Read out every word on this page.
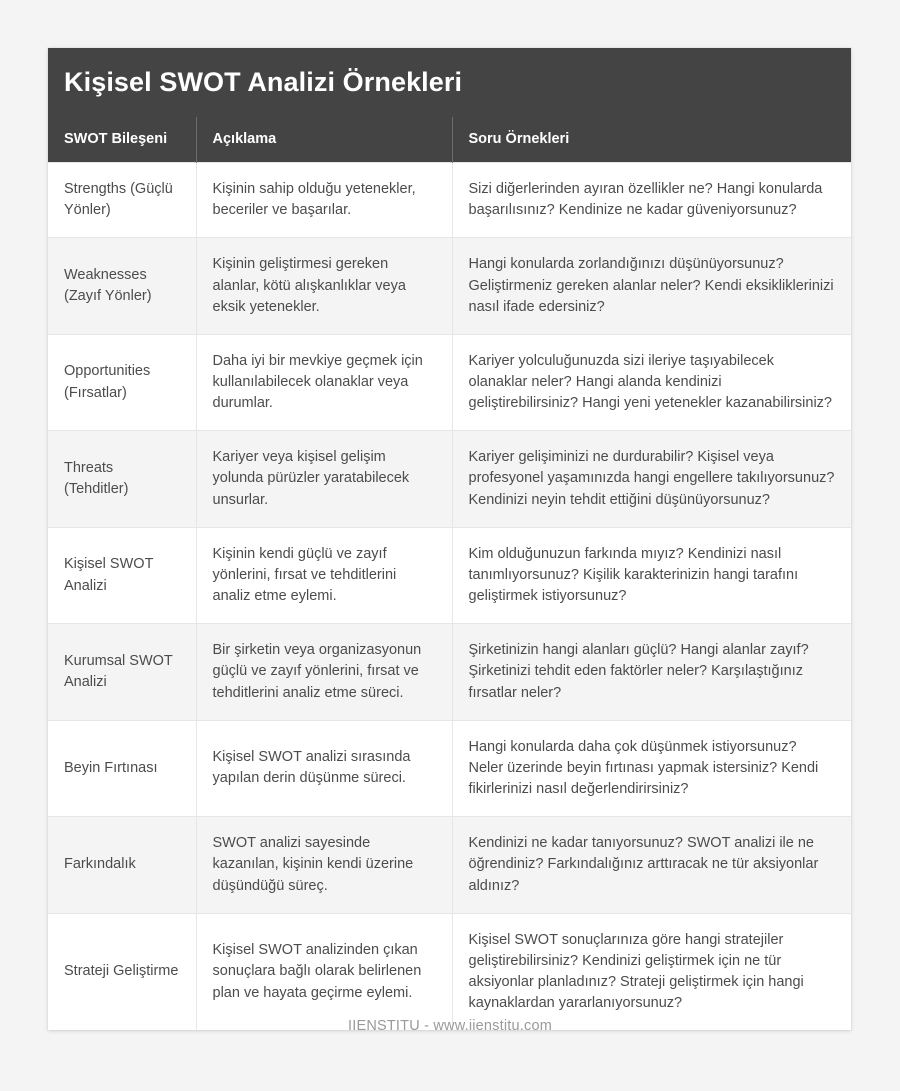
Kişisel SWOT Analizi Örnekleri
SWOT Bileşeni	Açıklama	Soru Örnekleri
Strengths (Güçlü Yönler)	Kişinin sahip olduğu yetenekler, beceriler ve başarılar.	Sizi diğerlerinden ayıran özellikler ne? Hangi konularda başarılısınız? Kendinize ne kadar güveniyorsunuz?
Weaknesses (Zayıf Yönler)	Kişinin geliştirmesi gereken alanlar, kötü alışkanlıklar veya eksik yetenekler.	Hangi konularda zorlandığınızı düşünüyorsunuz? Geliştirmeniz gereken alanlar neler? Kendi eksikliklerinizi nasıl ifade edersiniz?
Opportunities (Fırsatlar)	Daha iyi bir mevkiye geçmek için kullanılabilecek olanaklar veya durumlar.	Kariyer yolculuğunuzda sizi ileriye taşıyabilecek olanaklar neler? Hangi alanda kendinizi geliştirebilirsiniz? Hangi yeni yetenekler kazanabilirsiniz?
Threats (Tehditler)	Kariyer veya kişisel gelişim yolunda pürüzler yaratabilecek unsurlar.	Kariyer gelişiminizi ne durdurabilir? Kişisel veya profesyonel yaşamınızda hangi engellere takılıyorsunuz? Kendinizi neyin tehdit ettiğini düşünüyorsunuz?
Kişisel SWOT Analizi	Kişinin kendi güçlü ve zayıf yönlerini, fırsat ve tehditlerini analiz etme eylemi.	Kim olduğunuzun farkında mıyız? Kendinizi nasıl tanımlıyorsunuz? Kişilik karakterinizin hangi tarafını geliştirmek istiyorsunuz?
Kurumsal SWOT Analizi	Bir şirketin veya organizasyonun güçlü ve zayıf yönlerini, fırsat ve tehditlerini analiz etme süreci.	Şirketinizin hangi alanları güçlü? Hangi alanlar zayıf? Şirketinizi tehdit eden faktörler neler? Karşılaştığınız fırsatlar neler?
Beyin Fırtınası	Kişisel SWOT analizi sırasında yapılan derin düşünme süreci.	Hangi konularda daha çok düşünmek istiyorsunuz? Neler üzerinde beyin fırtınası yapmak istersiniz? Kendi fikirlerinizi nasıl değerlendirirsiniz?
Farkındalık	SWOT analizi sayesinde kazanılan, kişinin kendi üzerine düşündüğü süreç.	Kendinizi ne kadar tanıyorsunuz? SWOT analizi ile ne öğrendiniz? Farkındalığınız arttıracak ne tür aksiyonlar aldınız?
Strateji Geliştirme	Kişisel SWOT analizinden çıkan sonuçlara bağlı olarak belirlenen plan ve hayata geçirme eylemi.	Kişisel SWOT sonuçlarınıza göre hangi stratejiler geliştirebilirsiniz? Kendinizi geliştirmek için ne tür aksiyonlar planladınız? Strateji geliştirmek için hangi kaynaklardan yararlanıyorsunuz?
IIENSTITU - www.iienstitu.com
